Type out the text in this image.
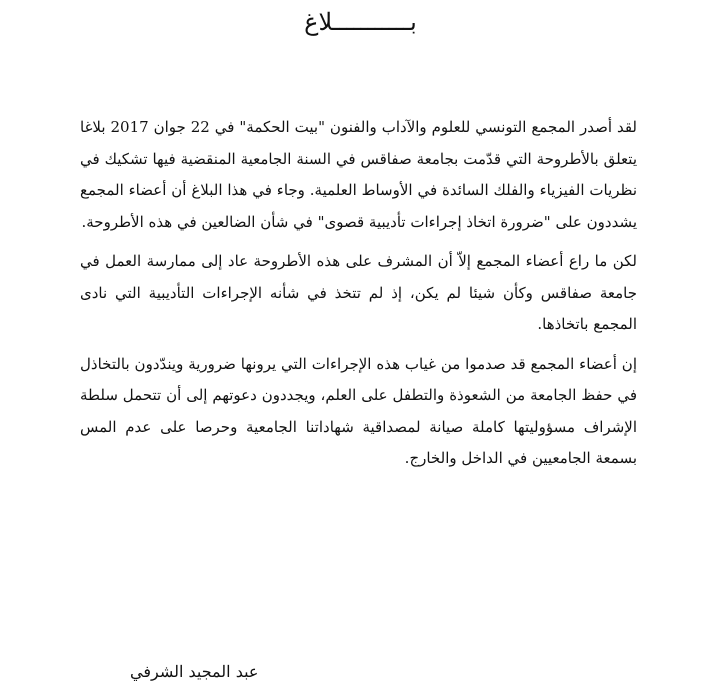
بـــــــــــلاغ

لقد أصدر المجمع التونسي للعلوم والآداب والفنون "بيت الحكمة" في 22 جوان 2017 بلاغا يتعلق بالأطروحة التي قدّمت بجامعة صفاقس في السنة الجامعية المنقضية فيها تشكيك في نظريات الفيزياء والفلك السائدة في الأوساط العلمية. وجاء في هذا البلاغ أن أعضاء المجمع يشددون على "ضرورة اتخاذ إجراءات تأديبية قصوى" في شأن الضالعين في هذه الأطروحة.

لكن ما راع أعضاء المجمع إلاّ أن المشرف على هذه الأطروحة عاد إلى ممارسة العمل في جامعة صفاقس وكأن شيئا لم يكن، إذ لم تتخذ في شأنه الإجراءات التأديبية التي نادى المجمع باتخاذها.

إن أعضاء المجمع قد صدموا من غياب هذه الإجراءات التي يرونها ضرورية ويندّدون بالتخاذل في حفظ الجامعة من الشعوذة والتطفل على العلم، ويجددون دعوتهم إلى أن تتحمل سلطة الإشراف مسؤوليتها كاملة صيانة لمصداقية شهاداتنا الجامعية وحرصا على عدم المس بسمعة الجامعيين في الداخل والخارج.

عبد المجيد الشرفي
